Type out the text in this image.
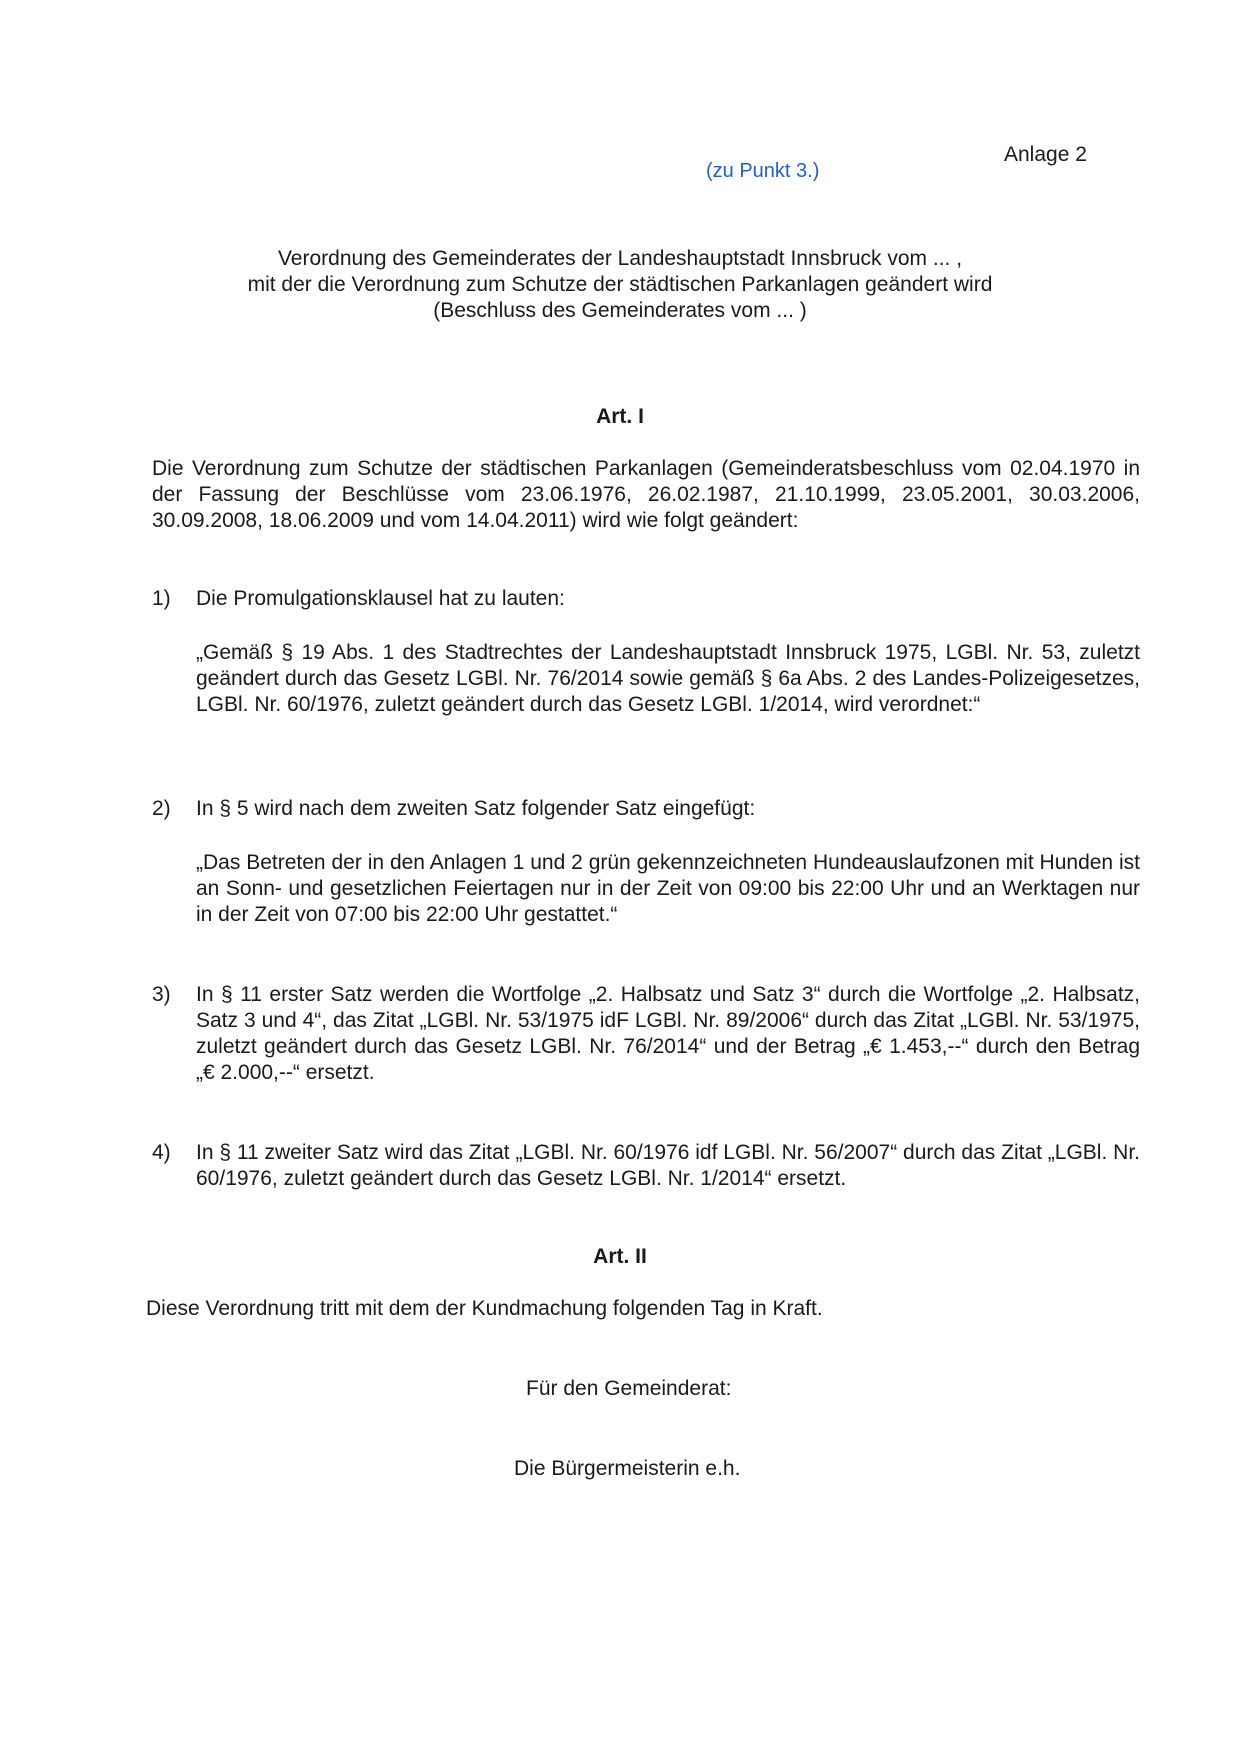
(zu Punkt 3.)
Anlage 2
Verordnung des Gemeinderates der Landeshauptstadt Innsbruck vom ... ,
mit der die Verordnung zum Schutze der städtischen Parkanlagen geändert wird
(Beschluss des Gemeinderates vom ... )
Art. I
Die Verordnung zum Schutze der städtischen Parkanlagen (Gemeinderatsbeschluss vom 02.04.1970 in der Fassung der Beschlüsse vom 23.06.1976, 26.02.1987, 21.10.1999, 23.05.2001, 30.03.2006, 30.09.2008, 18.06.2009 und vom 14.04.2011) wird wie folgt geändert:
1) Die Promulgationsklausel hat zu lauten:
„Gemäß § 19 Abs. 1 des Stadtrechtes der Landeshauptstadt Innsbruck 1975, LGBl. Nr. 53, zuletzt geändert durch das Gesetz LGBl. Nr. 76/2014 sowie gemäß § 6a Abs. 2 des Landes-Polizeigesetzes, LGBl. Nr. 60/1976, zuletzt geändert durch das Gesetz LGBl. 1/2014, wird verordnet:“
2) In § 5 wird nach dem zweiten Satz folgender Satz eingefügt:
„Das Betreten der in den Anlagen 1 und 2 grün gekennzeichneten Hundeauslaufzonen mit Hunden ist an Sonn- und gesetzlichen Feiertagen nur in der Zeit von 09:00 bis 22:00 Uhr und an Werktagen nur in der Zeit von 07:00 bis 22:00 Uhr gestattet.“
3) In § 11 erster Satz werden die Wortfolge „2. Halbsatz und Satz 3“ durch die Wortfolge „2. Halbsatz, Satz 3 und 4“, das Zitat „LGBl. Nr. 53/1975 idF LGBl. Nr. 89/2006“ durch das Zitat „LGBl. Nr. 53/1975, zuletzt geändert durch das Gesetz LGBl. Nr. 76/2014“ und der Betrag „€ 1.453,--“ durch den Betrag „€ 2.000,--“ ersetzt.
4) In § 11 zweiter Satz wird das Zitat „LGBl. Nr. 60/1976 idf LGBl. Nr. 56/2007“ durch das Zitat „LGBl. Nr. 60/1976, zuletzt geändert durch das Gesetz LGBl. Nr. 1/2014“ ersetzt.
Art. II
Diese Verordnung tritt mit dem der Kundmachung folgenden Tag in Kraft.
Für den Gemeinderat:
Die Bürgermeisterin e.h.
